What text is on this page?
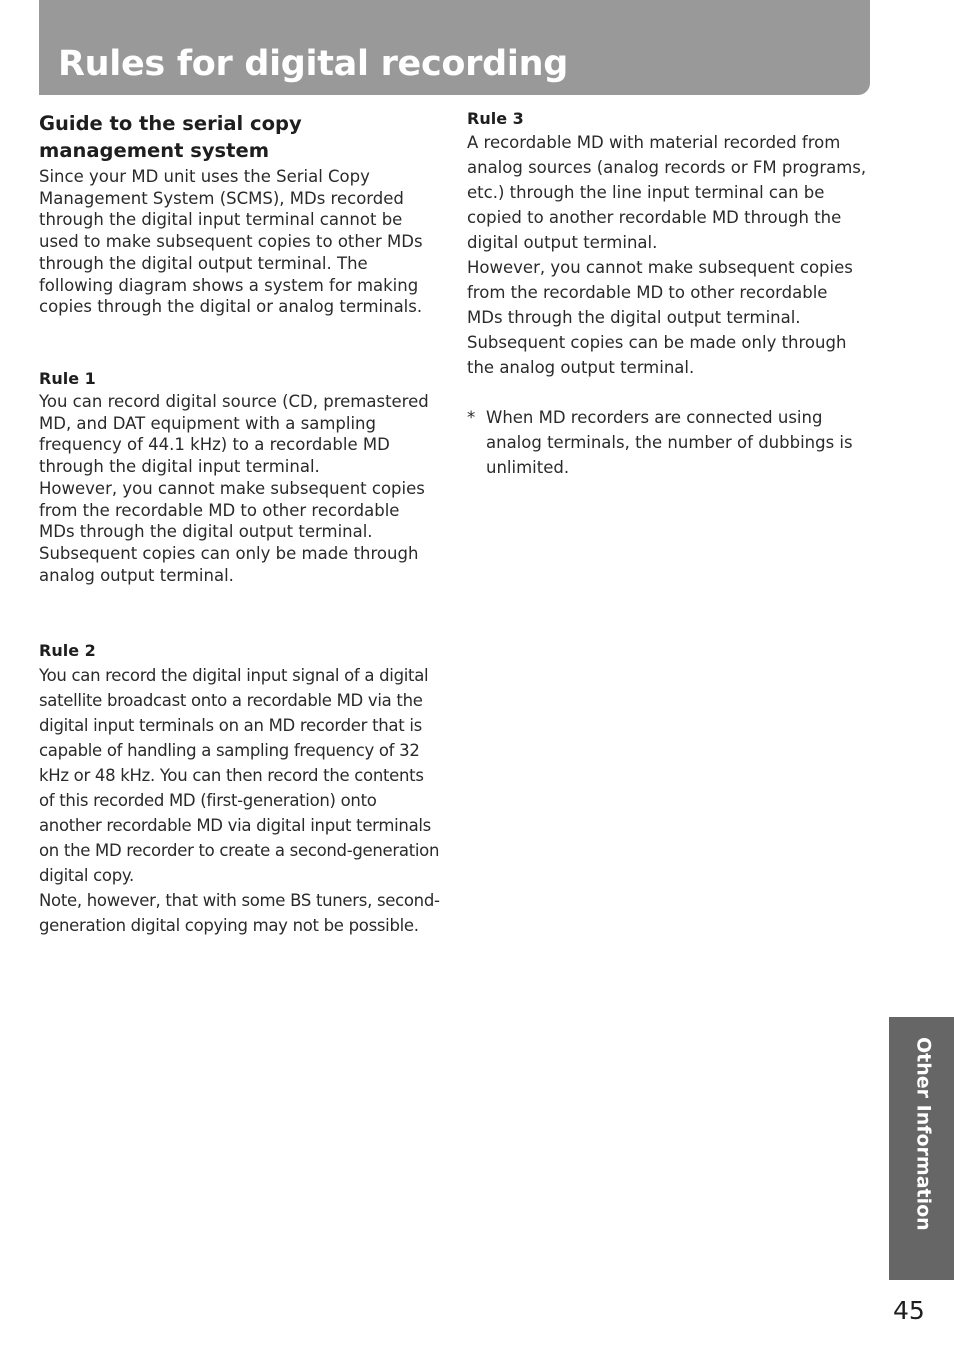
Rules for digital recording
Guide to the serial copy management system

Since your MD unit uses the Serial Copy Management System (SCMS), MDs recorded through the digital input terminal cannot be used to make subsequent copies to other MDs through the digital output terminal. The following diagram shows a system for making copies through the digital or analog terminals.

Rule 1

You can record digital source (CD, premastered MD, and DAT equipment with a sampling frequency of 44.1 kHz) to a recordable MD through the digital input terminal.
However, you cannot make subsequent copies from the recordable MD to other recordable MDs through the digital output terminal. Subsequent copies can only be made through analog output terminal.

Rule 2

You can record the digital input signal of a digital satellite broadcast onto a recordable MD via the digital input terminals on an MD recorder that is capable of handling a sampling frequency of 32 kHz or 48 kHz. You can then record the contents of this recorded MD (first-generation) onto another recordable MD via digital input terminals on the MD recorder to create a second-generation digital copy.
Note, however, that with some BS tuners, second-generation digital copying may not be possible.

Rule 3

A recordable MD with material recorded from analog sources (analog records or FM programs, etc.) through the line input terminal can be copied to another recordable MD through the digital output terminal.
However, you cannot make subsequent copies from the recordable MD to other recordable MDs through the digital output terminal. Subsequent copies can be made only through the analog output terminal.

* When MD recorders are connected using analog terminals, the number of dubbings is unlimited.

Other Information
45
